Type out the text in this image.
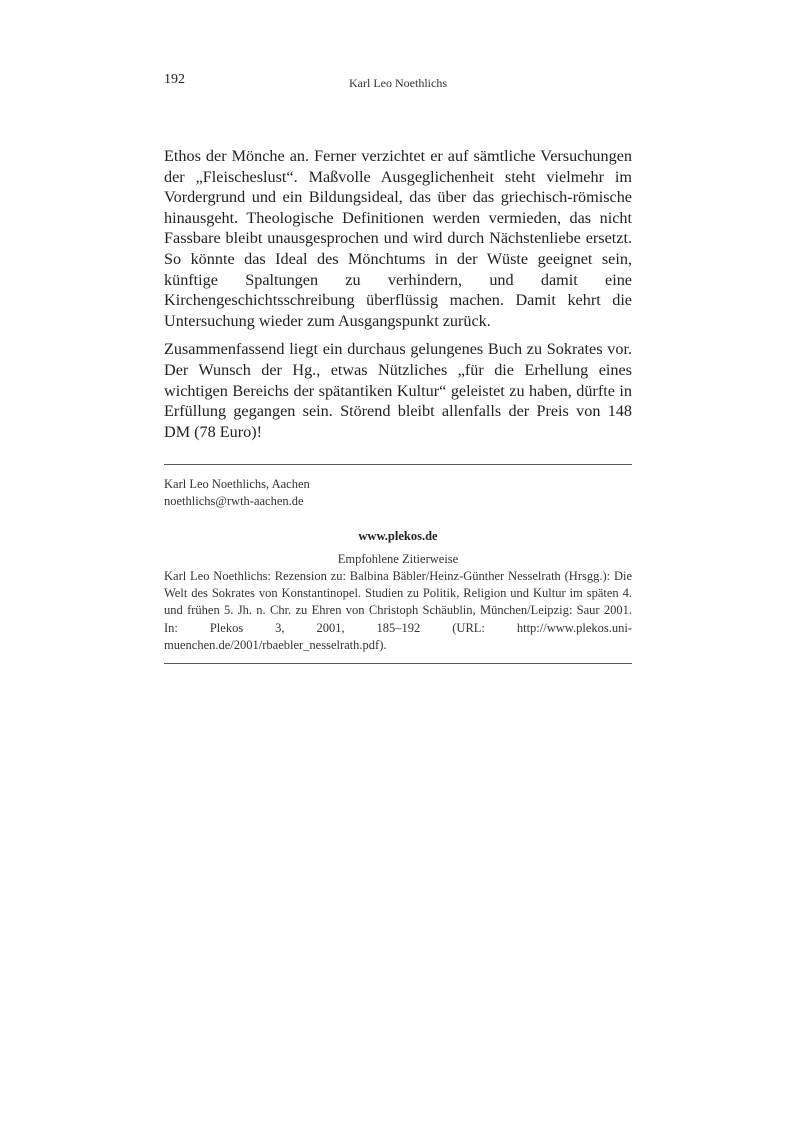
192	Karl Leo Noethlichs

Ethos der Mönche an. Ferner verzichtet er auf sämtliche Versuchungen der „Fleischeslust“. Maßvolle Ausgeglichenheit steht vielmehr im Vordergrund und ein Bildungsideal, das über das griechisch-römische hinausgeht. Theologische Definitionen werden vermieden, das nicht Fassbare bleibt unausgesprochen und wird durch Nächstenliebe ersetzt. So könnte das Ideal des Mönchtums in der Wüste geeignet sein, künftige Spaltungen zu verhindern, und damit eine Kirchengeschichtsschreibung überflüssig machen. Damit kehrt die Untersuchung wieder zum Ausgangspunkt zurück.

Zusammenfassend liegt ein durchaus gelungenes Buch zu Sokrates vor. Der Wunsch der Hg., etwas Nützliches „für die Erhellung eines wichtigen Bereichs der spätantiken Kultur“ geleistet zu haben, dürfte in Erfüllung gegangen sein. Störend bleibt allenfalls der Preis von 148 DM (78 Euro)!

Karl Leo Noethlichs, Aachen
noethlichs@rwth-aachen.de
www.plekos.de
Empfohlene Zitierweise
Karl Leo Noethlichs: Rezension zu: Balbina Bäbler/Heinz-Günther Nesselrath (Hrsgg.): Die Welt des Sokrates von Konstantinopel. Studien zu Politik, Religion und Kultur im späten 4. und frühen 5. Jh. n. Chr. zu Ehren von Christoph Schäublin, München/Leipzig: Saur 2001. In: Plekos 3, 2001, 185–192 (URL: http://www.plekos.uni-muenchen.de/2001/rbaebler_nesselrath.pdf).
